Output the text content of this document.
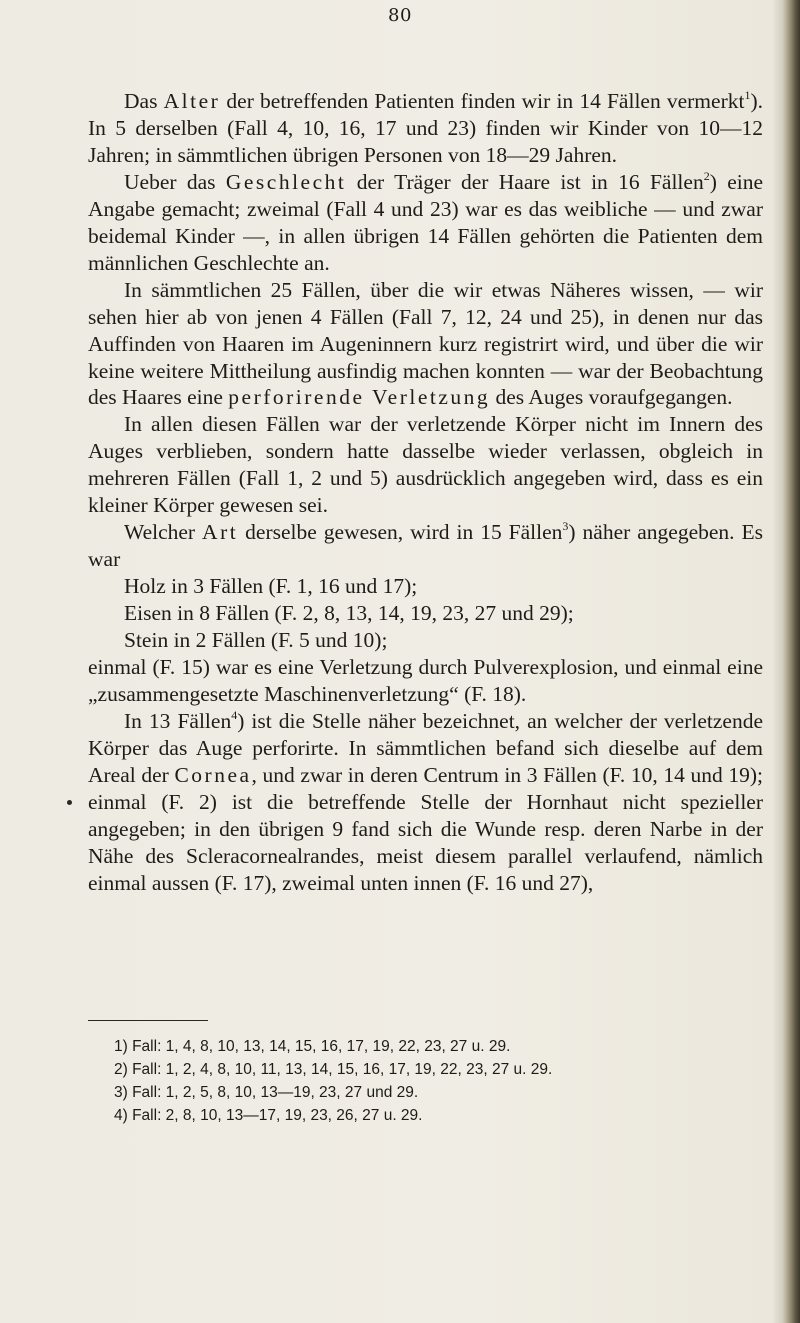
80

Das Alter der betreffenden Patienten finden wir in 14 Fällen vermerkt$^1$). In 5 derselben (Fall 4, 10, 16, 17 und 23) finden wir Kinder von 10—12 Jahren; in sämmtlichen übrigen Personen von 18—29 Jahren.

Ueber das Geschlecht der Träger der Haare ist in 16 Fällen$^2$) eine Angabe gemacht; zweimal (Fall 4 und 23) war es das weibliche — und zwar beidemal Kinder —, in allen übrigen 14 Fällen gehörten die Patienten dem männlichen Geschlechte an.

In sämmtlichen 25 Fällen, über die wir etwas Näheres wissen, — wir sehen hier ab von jenen 4 Fällen (Fall 7, 12, 24 und 25), in denen nur das Auffinden von Haaren im Augeninnern kurz registrirt wird, und über die wir keine weitere Mittheilung ausfindig machen konnten — war der Beobachtung des Haares eine perforirende Verletzung des Auges voraufgegangen.

In allen diesen Fällen war der verletzende Körper nicht im Innern des Auges verblieben, sondern hatte dasselbe wieder verlassen, obgleich in mehreren Fällen (Fall 1, 2 und 5) ausdrücklich angegeben wird, dass es ein kleiner Körper gewesen sei.

Welcher Art derselbe gewesen, wird in 15 Fällen$^3$) näher angegeben. Es war

Holz in 3 Fällen (F. 1, 16 und 17);
Eisen in 8 Fällen (F. 2, 8, 13, 14, 19, 23, 27 und 29);
Stein in 2 Fällen (F. 5 und 10);

einmal (F. 15) war es eine Verletzung durch Pulverexplosion, und einmal eine „zusammengesetzte Maschinenverletzung“ (F. 18).

In 13 Fällen$^4$) ist die Stelle näher bezeichnet, an welcher der verletzende Körper das Auge perforirte. In sämmtlichen befand sich dieselbe auf dem Areal der Cornea, und zwar in deren Centrum in 3 Fällen (F. 10, 14 und 19); einmal (F. 2) ist die betreffende Stelle der Hornhaut nicht spezieller angegeben; in den übrigen 9 fand sich die Wunde resp. deren Narbe in der Nähe des Scleracornealrandes, meist diesem parallel verlaufend, nämlich einmal aussen (F. 17), zweimal unten innen (F. 16 und 27),

1) Fall: 1, 4, 8, 10, 13, 14, 15, 16, 17, 19, 22, 23, 27 u. 29.
2) Fall: 1, 2, 4, 8, 10, 11, 13, 14, 15, 16, 17, 19, 22, 23, 27 u. 29.
3) Fall: 1, 2, 5, 8, 10, 13—19, 23, 27 und 29.
4) Fall: 2, 8, 10, 13—17, 19, 23, 26, 27 u. 29.
